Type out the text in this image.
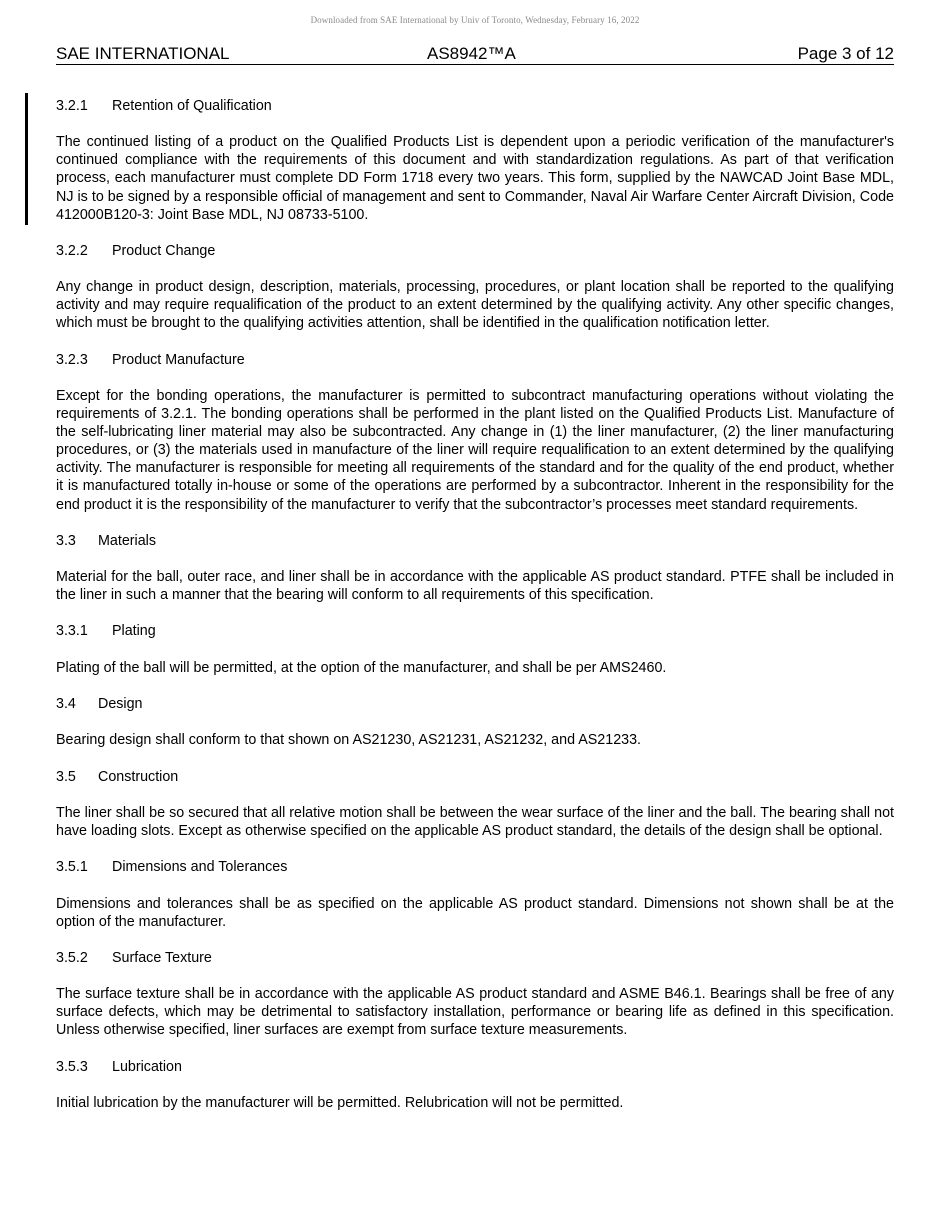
Downloaded from SAE International by Univ of Toronto, Wednesday, February 16, 2022
SAE INTERNATIONAL	AS8942™A	Page 3 of 12
3.2.1	Retention of Qualification

The continued listing of a product on the Qualified Products List is dependent upon a periodic verification of the manufacturer's continued compliance with the requirements of this document and with standardization regulations. As part of that verification process, each manufacturer must complete DD Form 1718 every two years. This form, supplied by the NAWCAD Joint Base MDL, NJ is to be signed by a responsible official of management and sent to Commander, Naval Air Warfare Center Aircraft Division, Code 412000B120-3: Joint Base MDL, NJ 08733-5100.

3.2.2	Product Change

Any change in product design, description, materials, processing, procedures, or plant location shall be reported to the qualifying activity and may require requalification of the product to an extent determined by the qualifying activity. Any other specific changes, which must be brought to the qualifying activities attention, shall be identified in the qualification notification letter.

3.2.3	Product Manufacture

Except for the bonding operations, the manufacturer is permitted to subcontract manufacturing operations without violating the requirements of 3.2.1. The bonding operations shall be performed in the plant listed on the Qualified Products List. Manufacture of the self-lubricating liner material may also be subcontracted. Any change in (1) the liner manufacturer, (2) the liner manufacturing procedures, or (3) the materials used in manufacture of the liner will require requalification to an extent determined by the qualifying activity. The manufacturer is responsible for meeting all requirements of the standard and for the quality of the end product, whether it is manufactured totally in-house or some of the operations are performed by a subcontractor. Inherent in the responsibility for the end product it is the responsibility of the manufacturer to verify that the subcontractor’s processes meet standard requirements.

3.3	Materials

Material for the ball, outer race, and liner shall be in accordance with the applicable AS product standard. PTFE shall be included in the liner in such a manner that the bearing will conform to all requirements of this specification.

3.3.1	Plating

Plating of the ball will be permitted, at the option of the manufacturer, and shall be per AMS2460.

3.4	Design

Bearing design shall conform to that shown on AS21230, AS21231, AS21232, and AS21233.

3.5	Construction

The liner shall be so secured that all relative motion shall be between the wear surface of the liner and the ball. The bearing shall not have loading slots. Except as otherwise specified on the applicable AS product standard, the details of the design shall be optional.

3.5.1	Dimensions and Tolerances

Dimensions and tolerances shall be as specified on the applicable AS product standard. Dimensions not shown shall be at the option of the manufacturer.

3.5.2	Surface Texture

The surface texture shall be in accordance with the applicable AS product standard and ASME B46.1. Bearings shall be free of any surface defects, which may be detrimental to satisfactory installation, performance or bearing life as defined in this specification. Unless otherwise specified, liner surfaces are exempt from surface texture measurements.

3.5.3	Lubrication

Initial lubrication by the manufacturer will be permitted. Relubrication will not be permitted.
